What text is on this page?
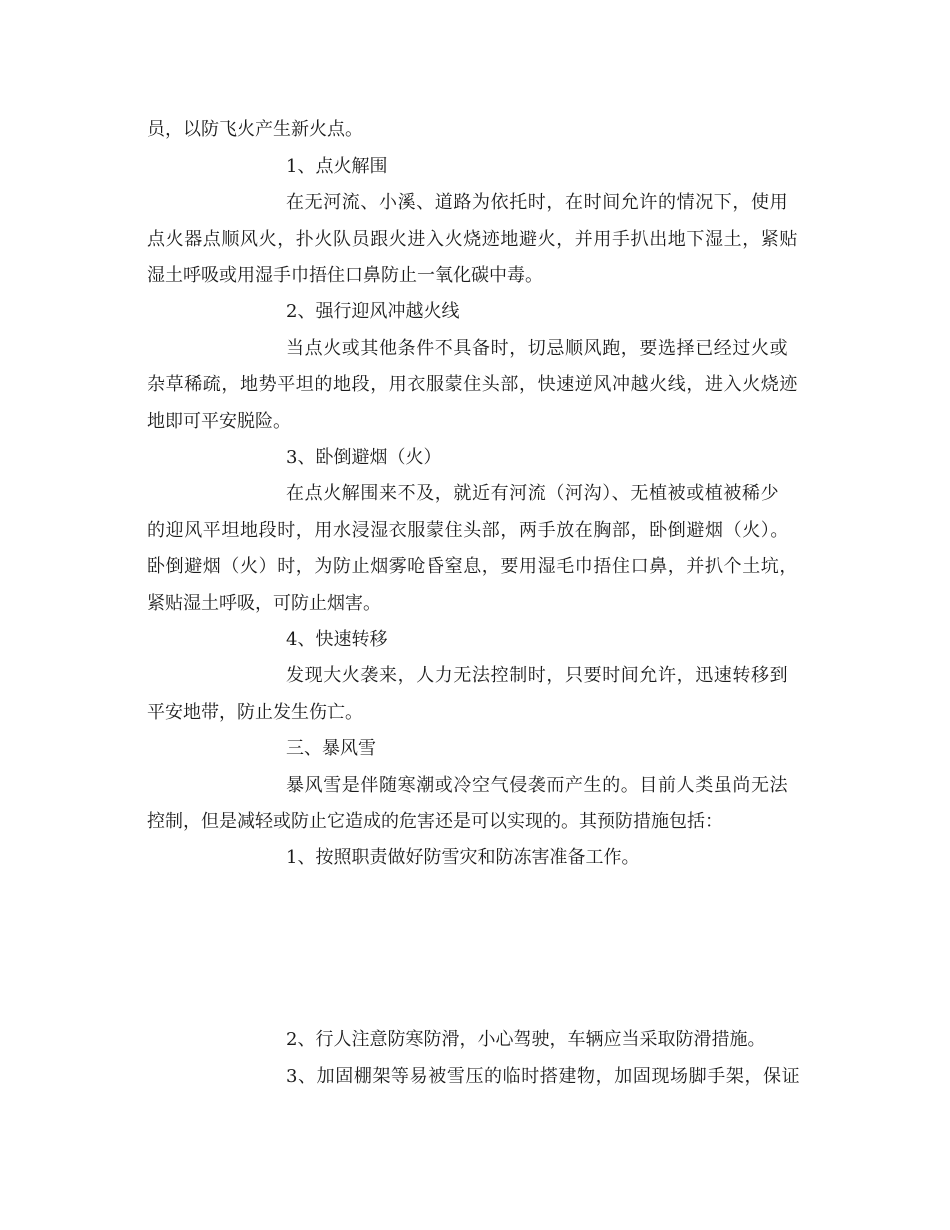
员，以防飞火产生新火点。
1、点火解围
在无河流、小溪、道路为依托时，在时间允许的情况下，使用
点火器点顺风火，扑火队员跟火进入火烧迹地避火，并用手扒出地下湿土，紧贴
湿土呼吸或用湿手巾捂住口鼻防止一氧化碳中毒。
2、强行迎风冲越火线
当点火或其他条件不具备时，切忌顺风跑，要选择已经过火或
杂草稀疏，地势平坦的地段，用衣服蒙住头部，快速逆风冲越火线，进入火烧迹
地即可平安脱险。
3、卧倒避烟（火）
在点火解围来不及，就近有河流（河沟）、无植被或植被稀少
的迎风平坦地段时，用水浸湿衣服蒙住头部，两手放在胸部，卧倒避烟（火）。
卧倒避烟（火）时，为防止烟雾呛昏窒息，要用湿毛巾捂住口鼻，并扒个土坑，
紧贴湿土呼吸，可防止烟害。
4、快速转移
发现大火袭来，人力无法控制时，只要时间允许，迅速转移到
平安地带，防止发生伤亡。
三、暴风雪
暴风雪是伴随寒潮或冷空气侵袭而产生的。目前人类虽尚无法
控制，但是减轻或防止它造成的危害还是可以实现的。其预防措施包括：
1、按照职责做好防雪灾和防冻害准备工作。
2、行人注意防寒防滑，小心驾驶，车辆应当采取防滑措施。
3、加固棚架等易被雪压的临时搭建物，加固现场脚手架，保证
